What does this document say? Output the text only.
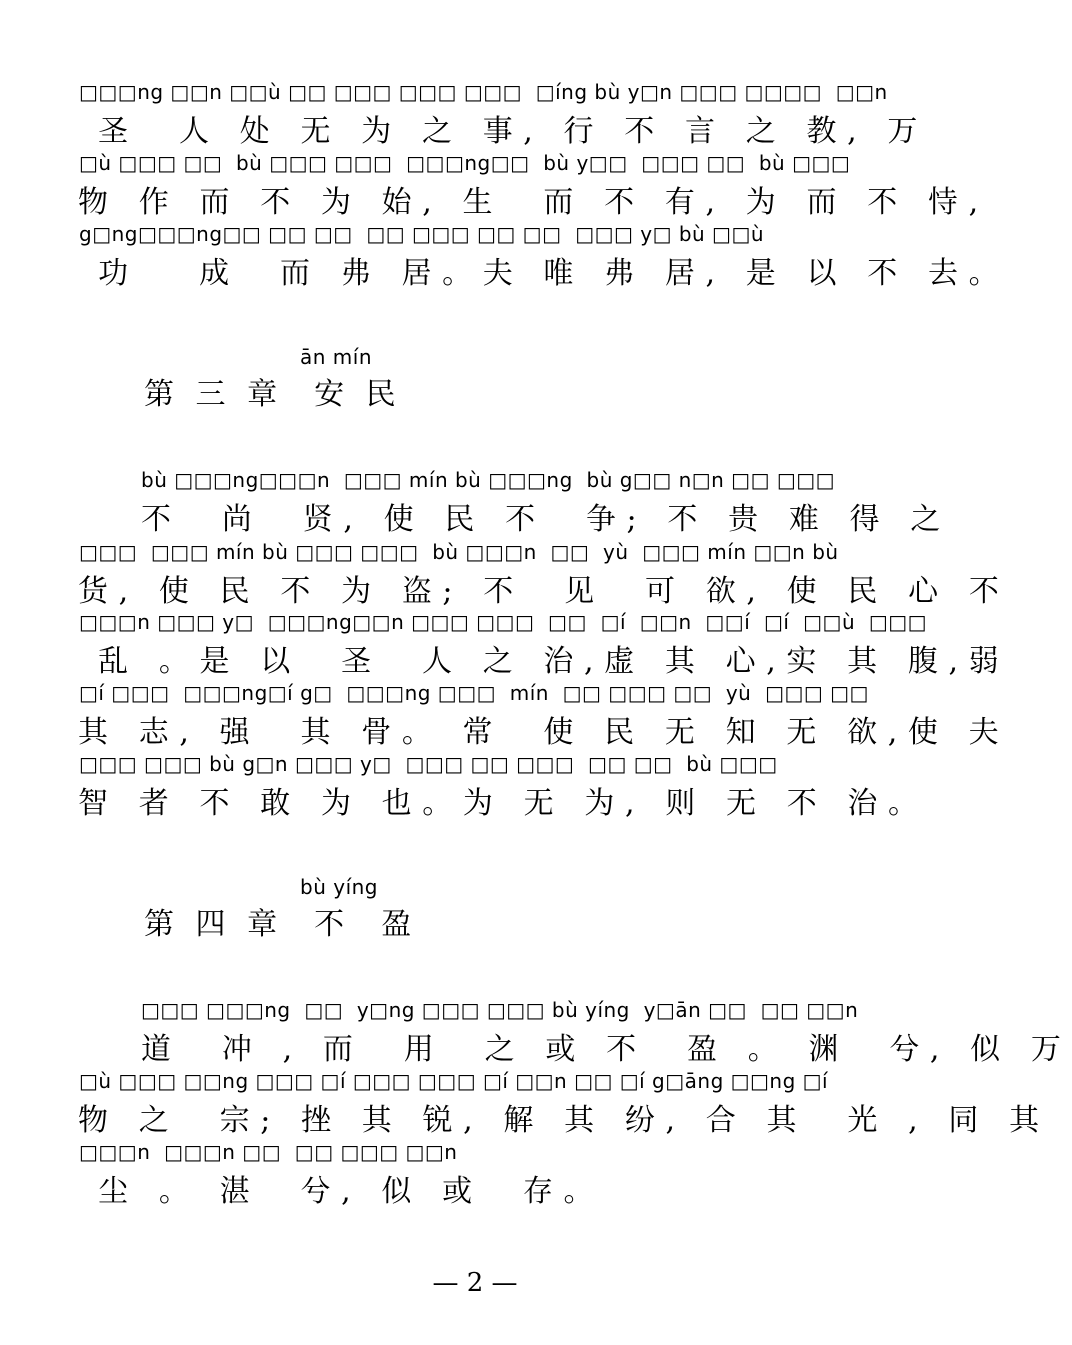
□□□ng □□n □□ù □□ □□□ □□□ □□□  □íng bù y□n □□□ □□□□  □□n
圣  人 处 无 为 之 事, 行 不 言 之 教, 万
□ù □□□ □□  bù □□□ □□□  □□□ng□□  bù y□□  □□□ □□  bù □□□
物 作 而 不 为 始, 生  而 不 有, 为 而 不 恃,
g□ng□□□ng□□ □□ □□  □□ □□□ □□ □□  □□□ y□ bù □□ù
功   成  而 弗 居。夫 唯 弗 居, 是 以 不 去。
ān mín
第 三 章  安 民
bù □□□ng□□□n  □□□ mín bù □□□ng  bù g□□ n□n □□ □□□
不  尚  贤, 使 民 不  争; 不 贵 难 得 之
□□□  □□□ mín bù □□□ □□□  bù □□□n  □□  yù  □□□ mín □□n bù
货, 使 民 不 为 盗; 不  见  可 欲, 使 民 心 不
□□□n □□□ y□  □□□ng□□n □□□ □□□  □□  □í  □□n  □□í  □í  □□ù  □□□
乱 。是 以  圣  人 之 治,虚 其 心,实 其 腹,弱
□í □□□  □□□ng□í g□  □□□ng □□□  mín  □□ □□□ □□  yù  □□□ □□
其 志, 强  其 骨。 常  使 民 无 知 无 欲,使 夫
□□□ □□□ bù g□n □□□ y□  □□□ □□ □□□  □□ □□  bù □□□
智 者 不 敢 为 也。为 无 为, 则 无 不 治。
bù yíng
第 四 章  不  盈
□□□ □□□ng  □□  y□ng □□□ □□□ bù yíng  y□ān □□  □□ □□n
道  冲 , 而  用  之 或 不  盈 。 渊  兮, 似 万
□ù □□□ □□ng □□□ □í □□□ □□□ □í □□n □□ □í g□āng □□ng □í
物 之  宗; 挫 其 锐, 解 其 纷, 合 其  光 , 同 其
□□□n  □□□n □□  □□ □□□ □□n
尘 。 湛  兮, 似 或  存。
— 2 —
